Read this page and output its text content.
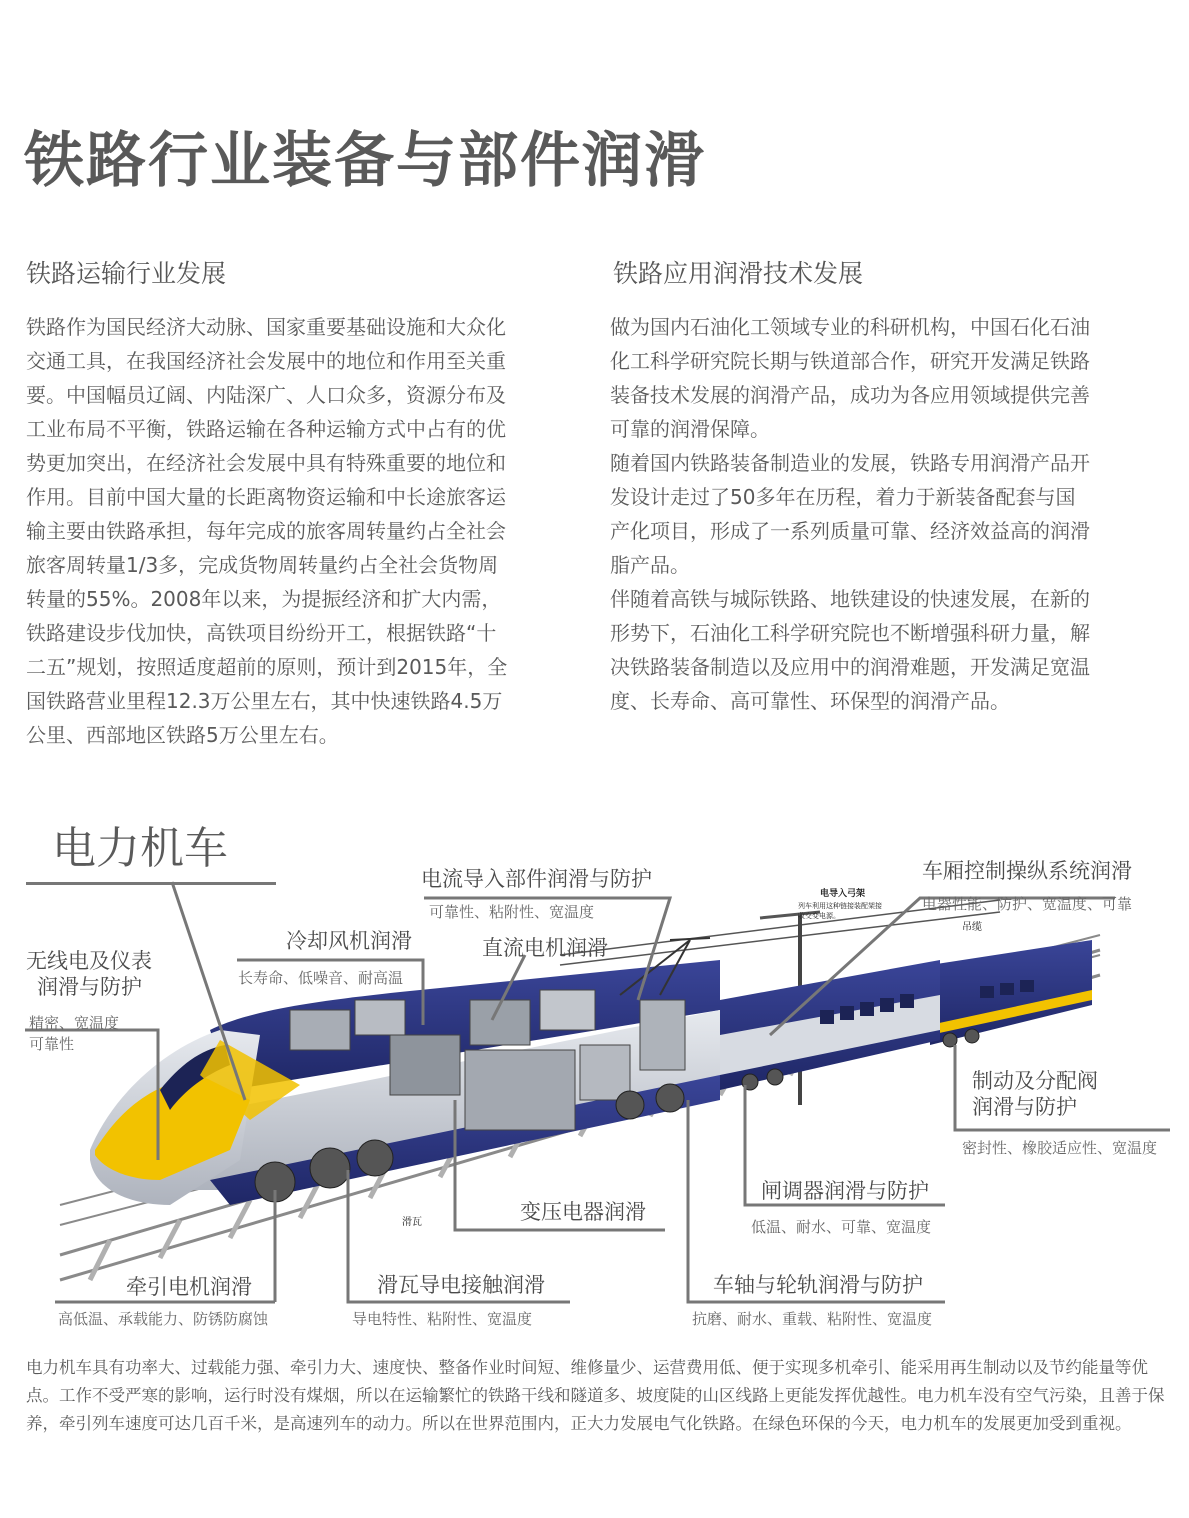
铁路行业装备与部件润滑
铁路运输行业发展
铁路作为国民经济大动脉、国家重要基础设施和大众化交通工具，在我国经济社会发展中的地位和作用至关重要。中国幅员辽阔、内陆深广、人口众多，资源分布及工业布局不平衡，铁路运输在各种运输方式中占有的优势更加突出，在经济社会发展中具有特殊重要的地位和作用。目前中国大量的长距离物资运输和中长途旅客运输主要由铁路承担，每年完成的旅客周转量约占全社会旅客周转量1/3多，完成货物周转量约占全社会货物周转量的55%。2008年以来，为提振经济和扩大内需，铁路建设步伐加快，高铁项目纷纷开工，根据铁路“十二五”规划，按照适度超前的原则，预计到2015年，全国铁路营业里程12.3万公里左右，其中快速铁路4.5万公里、西部地区铁路5万公里左右。
铁路应用润滑技术发展

做为国内石油化工领域专业的科研机构，中国石化石油化工科学研究院长期与铁道部合作，研究开发满足铁路装备技术发展的润滑产品，成功为各应用领域提供完善可靠的润滑保障。

随着国内铁路装备制造业的发展，铁路专用润滑产品开发设计走过了50多年在历程，着力于新装备配套与国产化项目，形成了一系列质量可靠、经济效益高的润滑脂产品。

伴随着高铁与城际铁路、地铁建设的快速发展，在新的形势下，石油化工科学研究院也不断增强科研力量，解决铁路装备制造以及应用中的润滑难题，开发满足宽温度、长寿命、高可靠性、环保型的润滑产品。

电力机车
电导入弓架
列车利用这种链接装配架接
收交变电源。
吊缆
滑瓦
无线电及仪表
润滑与防护
精密、宽温度
可靠性
冷却风机润滑
长寿命、低噪音、耐高温
电流导入部件润滑与防护
可靠性、粘附性、宽温度
直流电机润滑
车厢控制操纵系统润滑
电器性能、防护、宽温度、可靠
制动及分配阀
润滑与防护
密封性、橡胶适应性、宽温度
闸调器润滑与防护
低温、耐水、可靠、宽温度
变压电器润滑
牵引电机润滑
高低温、承载能力、防锈防腐蚀
滑瓦导电接触润滑
导电特性、粘附性、宽温度
车轴与轮轨润滑与防护
抗磨、耐水、重载、粘附性、宽温度
电力机车具有功率大、过载能力强、牵引力大、速度快、整备作业时间短、维修量少、运营费用低、便于实现多机牵引、能采用再生制动以及节约能量等优点。工作不受严寒的影响，运行时没有煤烟，所以在运输繁忙的铁路干线和隧道多、坡度陡的山区线路上更能发挥优越性。电力机车没有空气污染，且善于保养，牵引列车速度可达几百千米，是高速列车的动力。所以在世界范围内，正大力发展电气化铁路。在绿色环保的今天，电力机车的发展更加受到重视。
